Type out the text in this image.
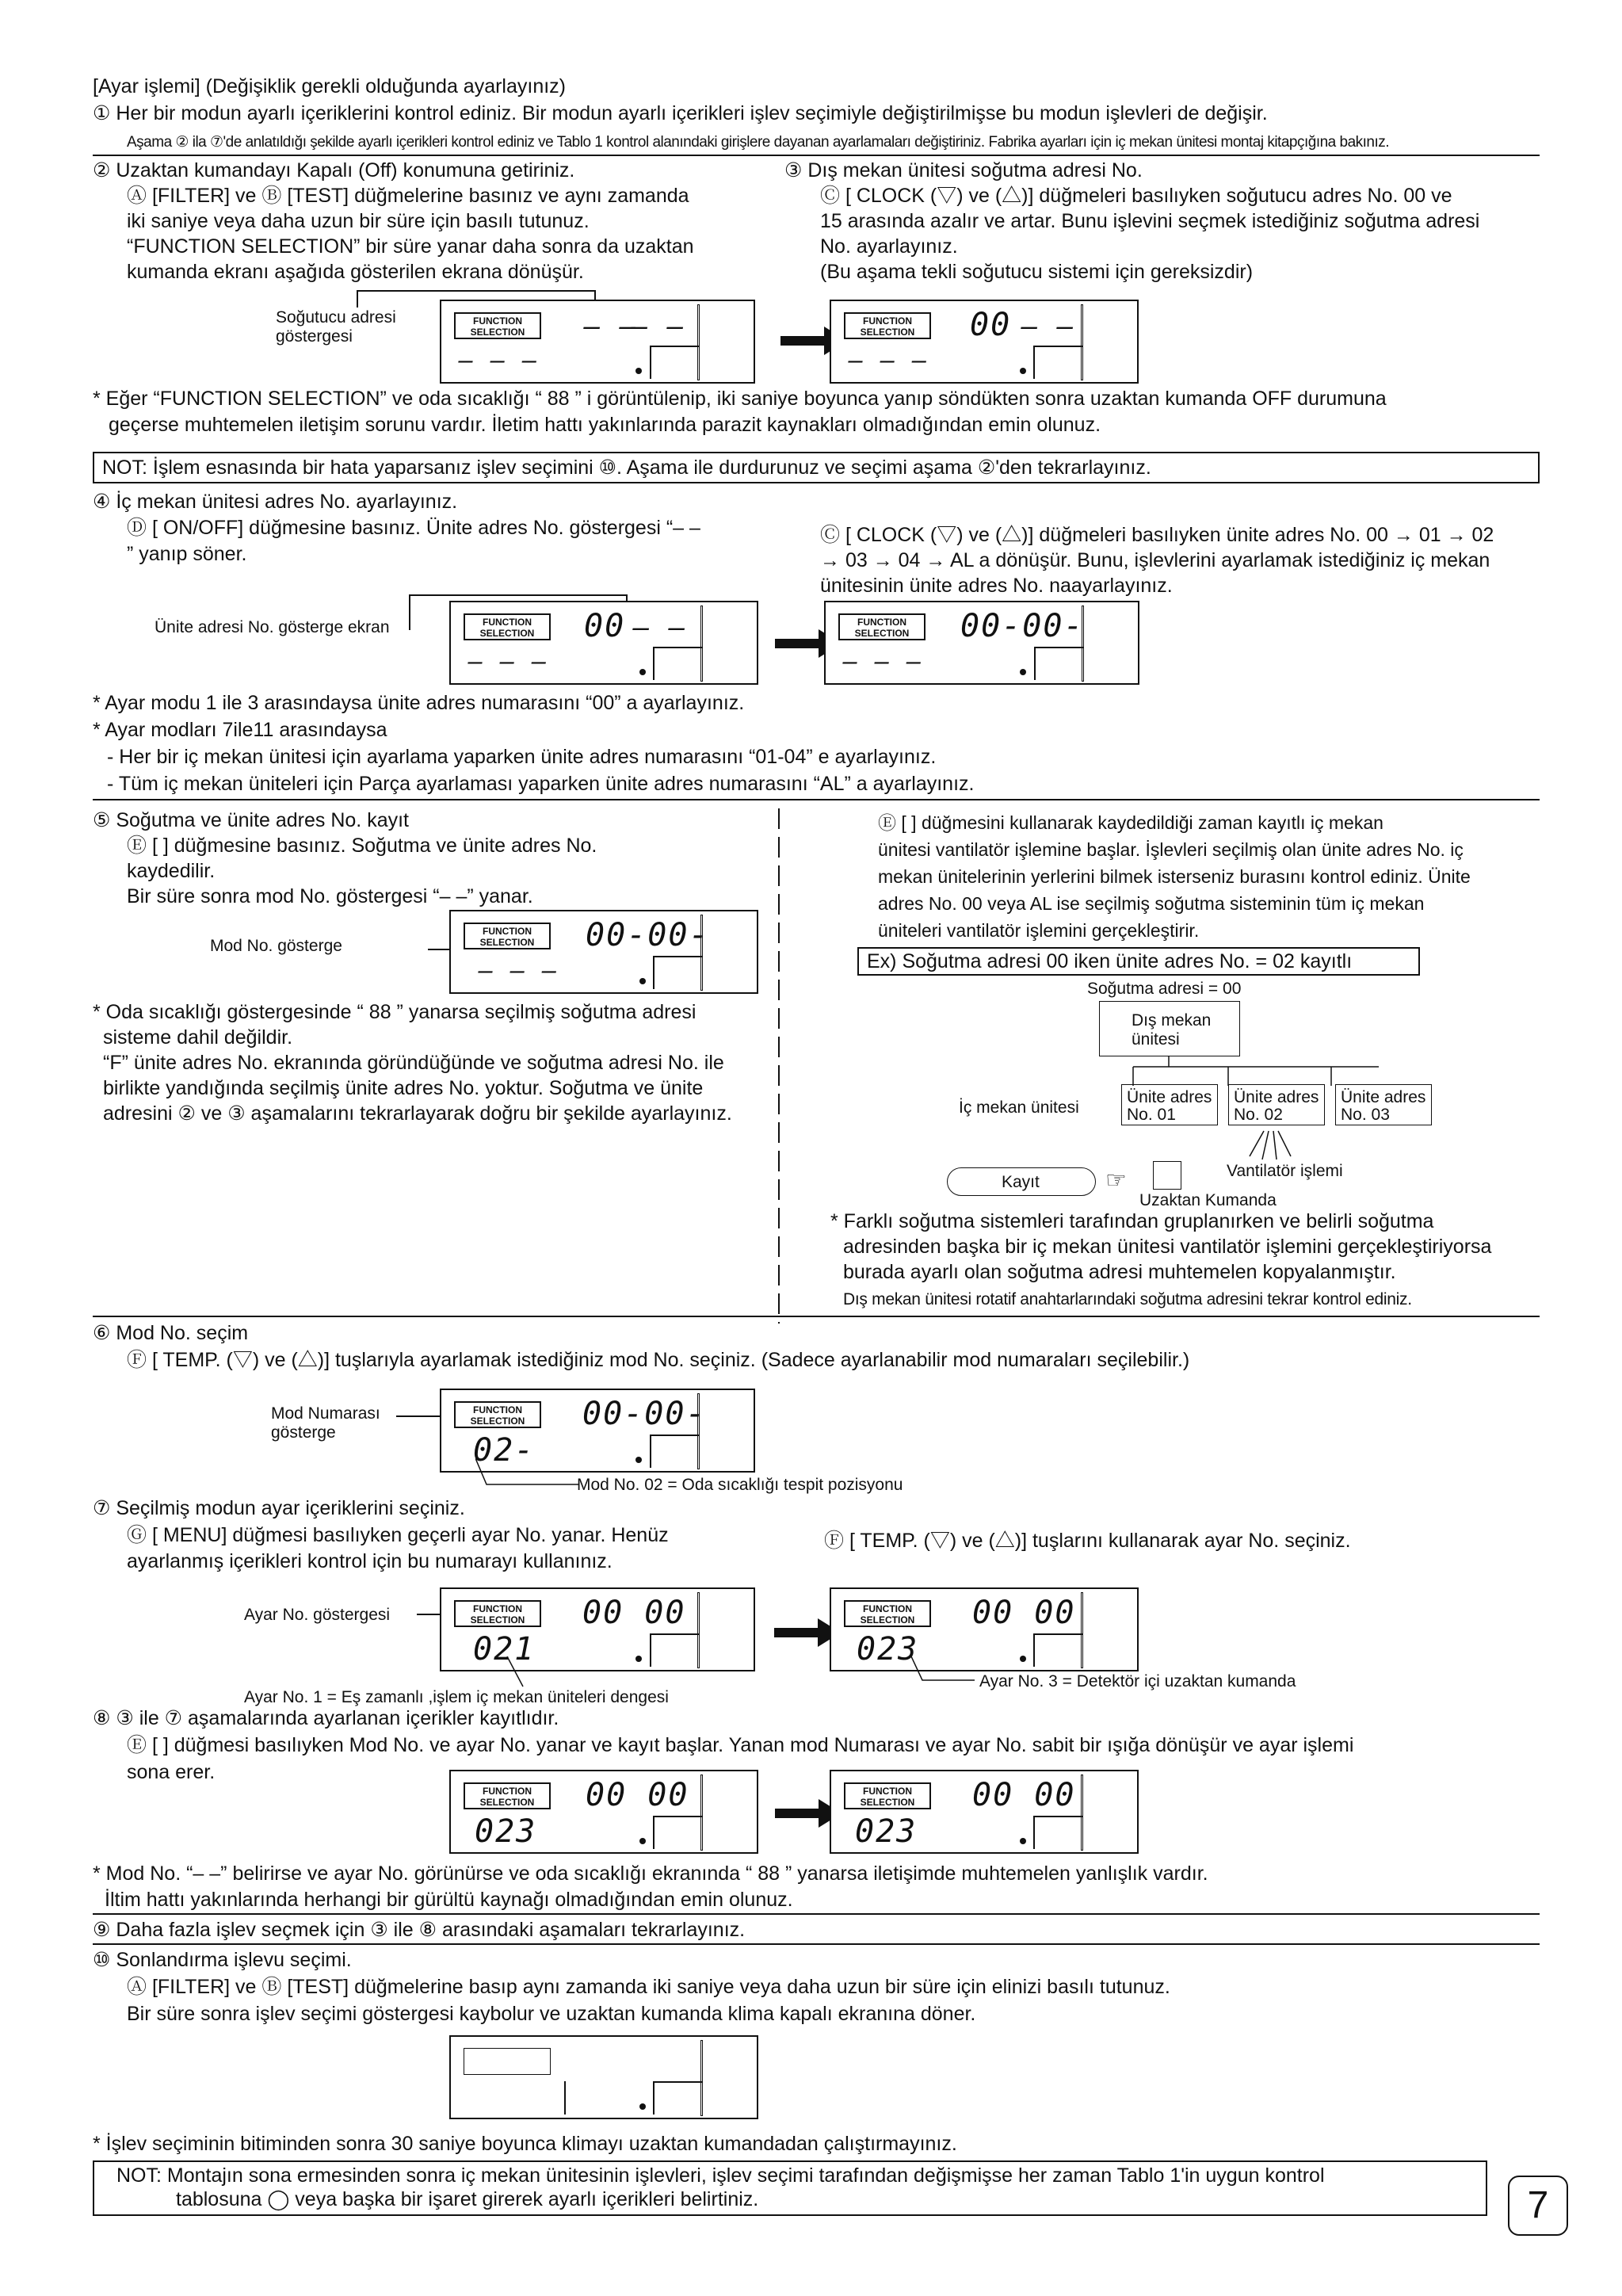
[Ayar işlemi] (Değişiklik gerekli olduğunda ayarlayınız)
① Her bir modun ayarlı içeriklerini kontrol ediniz. Bir modun ayarlı içerikleri işlev seçimiyle değiştirilmişse bu modun işlevleri de değişir.
Aşama ② ila ⑦'de anlatıldığı şekilde ayarlı içerikleri kontrol ediniz ve Tablo 1 kontrol alanındaki girişlere dayanan ayarlamaları değiştiriniz. Fabrika ayarları için iç mekan ünitesi montaj kitapçığına bakınız.
② Uzaktan kumandayı Kapalı (Off) konumuna getiriniz.
Ⓐ [FILTER] ve Ⓑ [TEST] düğmelerine basınız ve aynı zamanda
iki saniye veya daha uzun bir süre için basılı tutunuz.
“FUNCTION SELECTION” bir süre yanar daha sonra da uzaktan
kumanda ekranı aşağıda gösterilen ekrana dönüşür.
③ Dış mekan ünitesi soğutma adresi No.
Ⓒ [ CLOCK (▽) ve (△)] düğmeleri basılıyken soğutucu adres No. 00 ve
15 arasında azalır ve artar. Bunu işlevini seçmek istediğiniz soğutma adresi
No. ayarlayınız.
(Bu aşama tekli soğutucu sistemi için gereksizdir)
Soğutucu adresi
göstergesi
FUNCTION
SELECTION	– –
– –
– – –
FUNCTION
SELECTION	00 – –
– – –
* Eğer “FUNCTION SELECTION” ve oda sıcaklığı “ 88 ” i görüntülenip, iki saniye boyunca yanıp söndükten sonra uzaktan kumanda OFF durumuna
geçerse muhtemelen iletişim sorunu vardır. İletim hattı yakınlarında parazit kaynakları olmadığından emin olunuz.
NOT: İşlem esnasında bir hata yaparsanız işlev seçimini ⑩. Aşama ile durdurunuz ve seçimi aşama ②'den tekrarlayınız.
④ İç mekan ünitesi adres No. ayarlayınız.
Ⓓ [ ON/OFF] düğmesine basınız. Ünite adres No. göstergesi “– –
” yanıp söner.
Ⓒ [ CLOCK (▽) ve (△)] düğmeleri basılıyken ünite adres No. 00 → 01 → 02
→ 03 → 04 → AL a dönüşür. Bunu, işlevlerini ayarlamak istediğiniz iç mekan
ünitesinin ünite adres No. naayarlayınız.
Ünite adresi No. gösterge ekran	FUNCTION
SELECTION	00 – –
– – –
FUNCTION
SELECTION	00-00-
– – –
* Ayar modu 1 ile 3 arasındaysa ünite adres numarasını “00” a ayarlayınız.
* Ayar modları 7ile11 arasındaysa
- Her bir iç mekan ünitesi için ayarlama yaparken ünite adres numarasını “01-04” e ayarlayınız.
- Tüm iç mekan üniteleri için Parça ayarlaması yaparken ünite adres numarasını “AL” a ayarlayınız.
⑤ Soğutma ve ünite adres No. kayıt
Ⓔ [ ] düğmesine basınız. Soğutma ve ünite adres No.
kaydedilir.
Bir süre sonra mod No. göstergesi “– –” yanar.
Mod No. gösterge
FUNCTION
SELECTION	00-00-
– – –
* Oda sıcaklığı göstergesinde “ 88 ” yanarsa seçilmiş soğutma adresi
sisteme dahil değildir.
“F” ünite adres No. ekranında göründüğünde ve soğutma adresi No. ile
birlikte yandığında seçilmiş ünite adres No. yoktur. Soğutma ve ünite
adresini ② ve ③ aşamalarını tekrarlayarak doğru bir şekilde ayarlayınız.
Ⓔ [ ] düğmesini kullanarak kaydedildiği zaman kayıtlı iç mekan
ünitesi vantilatör işlemine başlar. İşlevleri seçilmiş olan ünite adres No. iç
mekan ünitelerinin yerlerini bilmek isterseniz burasını kontrol ediniz. Ünite
adres No. 00 veya AL ise seçilmiş soğutma sisteminin tüm iç mekan
üniteleri vantilatör işlemini gerçekleştirir.
Ex) Soğutma adresi 00 iken ünite adres No. = 02 kayıtlı
Soğutma adresi = 00
Dış mekan
ünitesi
İç mekan ünitesi
Ünite adres
No. 01
Ünite adres
No. 02
Ünite adres
No. 03
Vantilatör işlemi
Kayıt	☞
Uzaktan Kumanda
* Farklı soğutma sistemleri tarafından gruplanırken ve belirli soğutma
adresinden başka bir iç mekan ünitesi vantilatör işlemini gerçekleştiriyorsa
burada ayarlı olan soğutma adresi muhtemelen kopyalanmıştır.
Dış mekan ünitesi rotatif anahtarlarındaki soğutma adresini tekrar kontrol ediniz.
⑥ Mod No. seçim
Ⓕ [ TEMP. (▽) ve (△)] tuşlarıyla ayarlamak istediğiniz mod No. seçiniz. (Sadece ayarlanabilir mod numaraları seçilebilir.)
Mod Numarası
gösterge
FUNCTION
SELECTION	00-00-
02-
Mod No. 02 = Oda sıcaklığı tespit pozisyonu
⑦ Seçilmiş modun ayar içeriklerini seçiniz.
Ⓖ [ MENU] düğmesi basılıyken geçerli ayar No. yanar. Henüz
ayarlanmış içerikleri kontrol için bu numarayı kullanınız.
Ⓕ [ TEMP. (▽) ve (△)] tuşlarını kullanarak ayar No. seçiniz.
Ayar No. göstergesi	FUNCTION
SELECTION	00 00
021
FUNCTION
SELECTION	00 00
023
Ayar No. 3 = Detektör içi uzaktan kumanda
Ayar No. 1 = Eş zamanlı ,işlem iç mekan üniteleri dengesi
⑧ ③ ile ⑦ aşamalarında ayarlanan içerikler kayıtlıdır.
Ⓔ [ ] düğmesi basılıyken Mod No. ve ayar No. yanar ve kayıt başlar. Yanan mod Numarası ve ayar No. sabit bir ışığa dönüşür ve ayar işlemi
sona erer.
FUNCTION
SELECTION	00 00
023
FUNCTION
SELECTION	00 00
023
* Mod No. “– –” belirirse ve ayar No. görünürse ve oda sıcaklığı ekranında “ 88 ” yanarsa iletişimde muhtemelen yanlışlık vardır.
İltim hattı yakınlarında herhangi bir gürültü kaynağı olmadığından emin olunuz.
⑨ Daha fazla işlev seçmek için ③ ile ⑧ arasındaki aşamaları tekrarlayınız.
⑩ Sonlandırma işlevu seçimi.
Ⓐ [FILTER] ve Ⓑ [TEST] düğmelerine basıp aynı zamanda iki saniye veya daha uzun bir süre için elinizi basılı tutunuz.
Bir süre sonra işlev seçimi göstergesi kaybolur ve uzaktan kumanda klima kapalı ekranına döner.
* İşlev seçiminin bitiminden sonra 30 saniye boyunca klimayı uzaktan kumandadan çalıştırmayınız.
NOT: Montajın sona ermesinden sonra iç mekan ünitesinin işlevleri, işlev seçimi tarafından değişmişse her zaman Tablo 1'in uygun kontrol
tablosuna ◯ veya başka bir işaret girerek ayarlı içerikleri belirtiniz.	7
